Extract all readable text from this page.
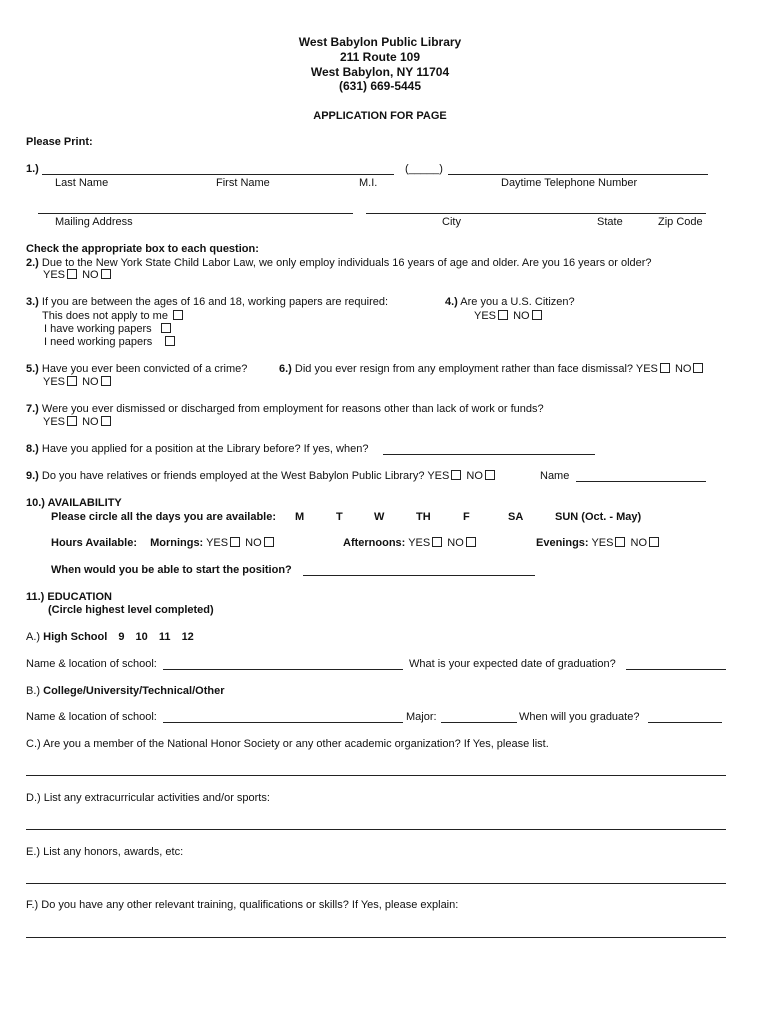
West Babylon Public Library
211 Route 109
West Babylon, NY 11704
(631) 669-5445
APPLICATION FOR PAGE
Please Print:
1.)	(_____)
Last Name	First Name	M.I.	Daytime Telephone Number
Mailing Address	City	State	Zip Code
Check the appropriate box to each question:
2.) Due to the New York State Child Labor Law, we only employ individuals 16 years of age and older. Are you 16 years or older?
YES NO
3.) If you are between the ages of 16 and 18, working papers are required:
This does not apply to me
I have working papers
I need working papers
4.) Are you a U.S. Citizen?
YES NO
5.) Have you ever been convicted of a crime?
YES NO
6.) Did you ever resign from any employment rather than face dismissal? YES NO
7.) Were you ever dismissed or discharged from employment for reasons other than lack of work or funds?
YES NO
8.) Have you applied for a position at the Library before? If yes, when?
9.) Do you have relatives or friends employed at the West Babylon Public Library? YES NO	Name
10.) AVAILABILITY
Please circle all the days you are available: M	T	W	TH	F	SA	SUN (Oct. - May)
Hours Available: Mornings: YES NO	Afternoons: YES NO	Evenings: YES NO
When would you be able to start the position?
11.) EDUCATION
(Circle highest level completed)
A.) High School 9 10 11 12
Name & location of school:	What is your expected date of graduation?
B.) College/University/Technical/Other
Name & location of school:	Major:	When will you graduate?
C.) Are you a member of the National Honor Society or any other academic organization? If Yes, please list.
D.) List any extracurricular activities and/or sports:
E.) List any honors, awards, etc:
F.) Do you have any other relevant training, qualifications or skills? If Yes, please explain:
